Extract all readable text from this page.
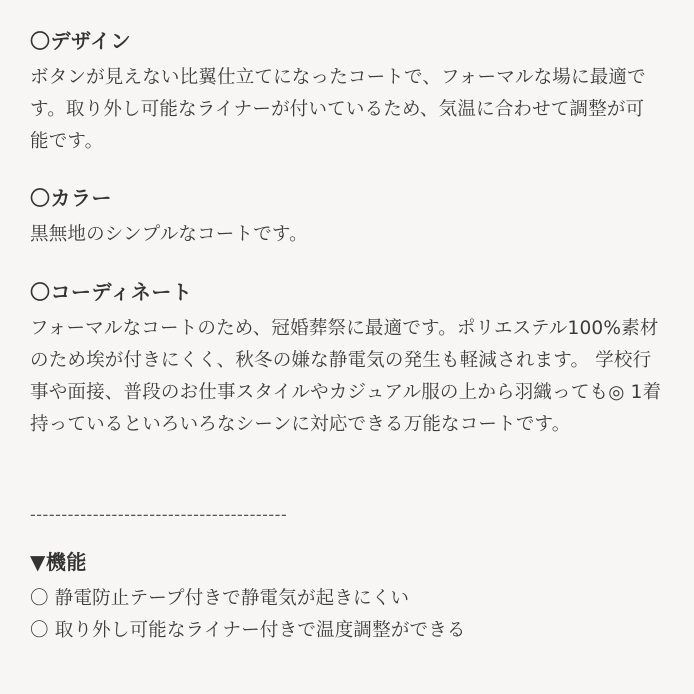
〇デザイン

ボタンが見えない比翼仕立てになったコートで、フォーマルな場に最適です。取り外し可能なライナーが付いているため、気温に合わせて調整が可能です。

〇カラー

黒無地のシンプルなコートです。

〇コーディネート

フォーマルなコートのため、冠婚葬祭に最適です。ポリエステル100%素材のため埃が付きにくく、秋冬の嫌な静電気の発生も軽減されます。 学校行事や面接、普段のお仕事スタイルやカジュアル服の上から羽織っても◎ 1着持っているといろいろなシーンに対応できる万能なコートです。

-----------------------------------------
▼機能

〇 静電防止テープ付きで静電気が起きにくい

〇 取り外し可能なライナー付きで温度調整ができる
